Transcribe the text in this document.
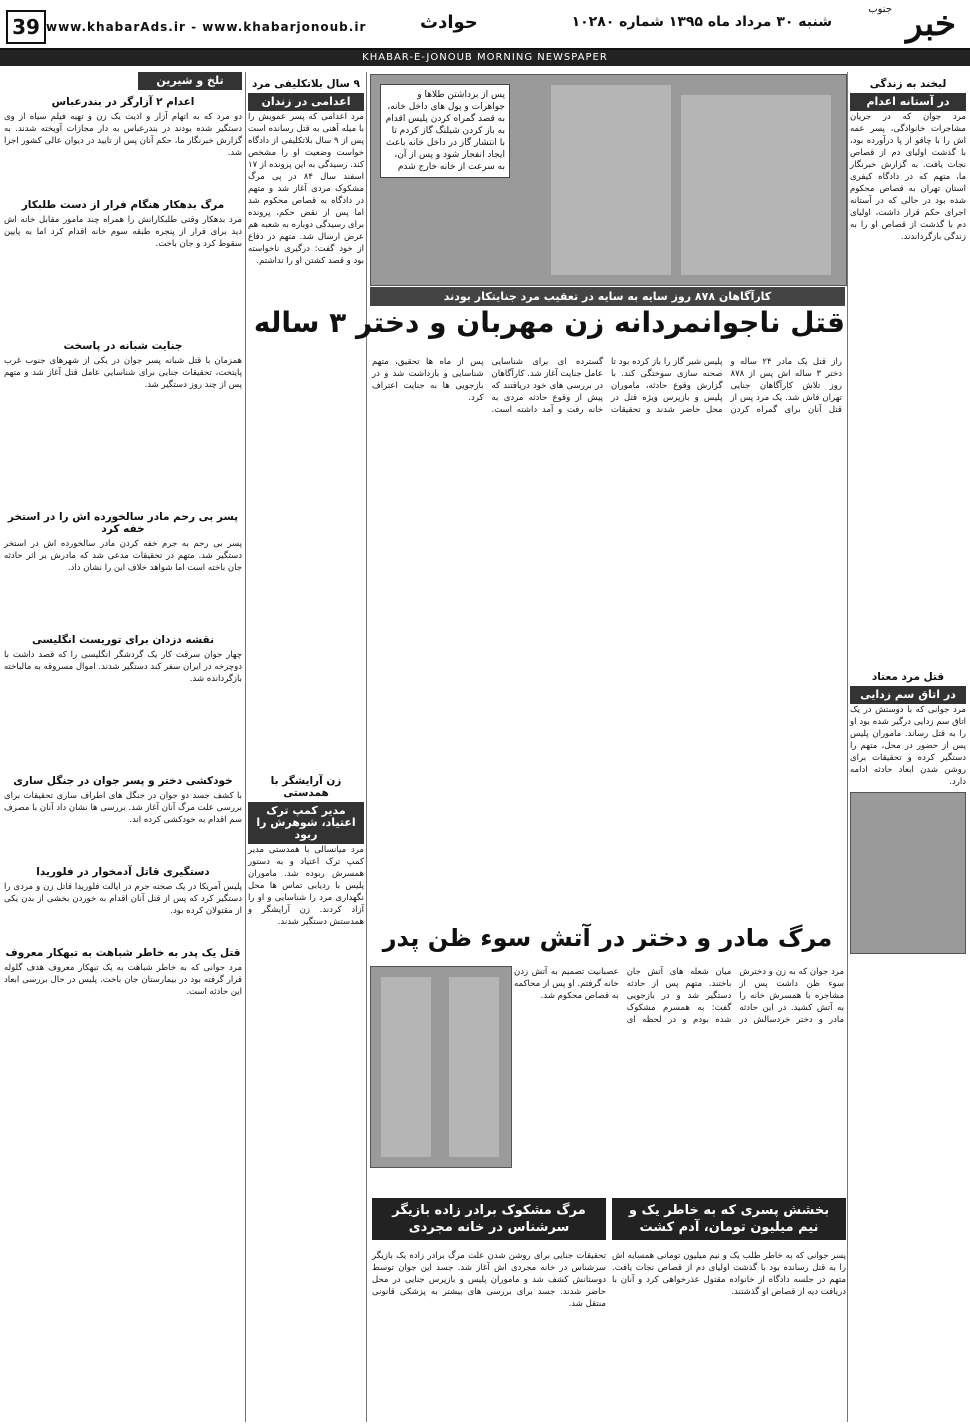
خبر
جنوب
شنبه ۳۰ مرداد ماه ۱۳۹۵ شماره ۱۰۲۸۰
حوادث
www.khabarAds.ir - www.khabarjonoub.ir
39
KHABAR-E-JONOUB MORNING NEWSPAPER
لبخند به زندگی
در آستانه اعدام

مرد جوان که در جریان مشاجرات خانوادگی، پسر عمه اش را با چاقو از پا درآورده بود، با گذشت اولیای دم از قصاص نجات یافت. به گزارش خبرنگار ما، متهم که در دادگاه کیفری استان تهران به قصاص محکوم شده بود در حالی که در آستانه اجرای حکم قرار داشت، اولیای دم با گذشت از قصاص او را به زندگی بازگرداندند.

قتل مرد معتاد
در اتاق سم زدایی

مرد جوانی که با دوستش در یک اتاق سم زدایی درگیر شده بود او را به قتل رساند. ماموران پلیس پس از حضور در محل، متهم را دستگیر کرده و تحقیقات برای روشن شدن ابعاد حادثه ادامه دارد.

پس از برداشتن طلاها و جواهرات و پول های داخل خانه، به قصد گمراه کردن پلیس اقدام به باز کردن شیلنگ گاز کردم تا با انتشار گاز در داخل خانه باعث ایجاد انفجار شود و پس از آن، به سرعت از خانه خارج شدم
کارآگاهان ۸۷۸ روز سایه به سایه در تعقیب مرد جنایتکار بودند
قتل ناجوانمردانه زن مهربان و دختر ۳ ساله

راز قتل یک مادر ۲۴ ساله و دختر ۳ ساله اش پس از ۸۷۸ روز تلاش کارآگاهان جنایی تهران فاش شد. یک مرد پس از قتل آنان برای گمراه کردن پلیس شیر گاز را باز کرده بود تا صحنه سازی سوختگی کند. با گزارش وقوع حادثه، ماموران پلیس و بازپرس ویژه قتل در محل حاضر شدند و تحقیقات گسترده ای برای شناسایی عامل جنایت آغاز شد. کارآگاهان در بررسی های خود دریافتند که پیش از وقوع حادثه مردی به خانه رفت و آمد داشته است. پس از ماه ها تحقیق، متهم شناسایی و بازداشت شد و در بازجویی ها به جنایت اعتراف کرد.

۹ سال بلاتکلیفی مرد
اعدامی در زندان

مرد اعدامی که پسر عمویش را با میله آهنی به قتل رسانده است پس از ۹ سال بلاتکلیفی از دادگاه خواست وضعیت او را مشخص کند. رسیدگی به این پرونده از ۱۷ اسفند سال ۸۴ در پی مرگ مشکوک مردی آغاز شد و متهم در دادگاه به قصاص محکوم شد اما پس از نقض حکم، پرونده برای رسیدگی دوباره به شعبه هم عرض ارسال شد. متهم در دفاع از خود گفت: درگیری ناخواسته بود و قصد کشتن او را نداشتم.

زن آرایشگر با همدستی
مدیر کمپ ترک اعتیاد، شوهرش را ربود

مرد میانسالی با همدستی مدیر کمپ ترک اعتیاد و به دستور همسرش ربوده شد. ماموران پلیس با ردیابی تماس ها محل نگهداری مرد را شناسایی و او را آزاد کردند. زن آرایشگر و همدستش دستگیر شدند.

تلخ و شیرین
اعدام ۲ آزارگر در بندرعباس

دو مرد که به اتهام آزار و اذیت یک زن و تهیه فیلم سیاه از وی دستگیر شده بودند در بندرعباس به دار مجازات آویخته شدند. به گزارش خبرنگار ما، حکم آنان پس از تایید در دیوان عالی کشور اجرا شد.

مرگ بدهکار هنگام فرار از دست طلبکار

مرد بدهکار وقتی طلبکارانش را همراه چند مامور مقابل خانه اش دید برای فرار از پنجره طبقه سوم خانه اقدام کرد اما به پایین سقوط کرد و جان باخت.

جنایت شبانه در پاسخت

همزمان با قتل شبانه پسر جوان در یکی از شهرهای جنوب غرب پایتخت، تحقیقات جنایی برای شناسایی عامل قتل آغاز شد و متهم پس از چند روز دستگیر شد.

پسر بی رحم مادر سالخورده اش را در استخر خفه کرد

پسر بی رحم به جرم خفه کردن مادر سالخورده اش در استخر دستگیر شد. متهم در تحقیقات مدعی شد که مادرش بر اثر حادثه جان باخته است اما شواهد خلاف این را نشان داد.

نقشه دزدان برای توریست انگلیسی

چهار جوان سرقت کار یک گردشگر انگلیسی را که قصد داشت با دوچرخه در ایران سفر کند دستگیر شدند. اموال مسروقه به مالباخته بازگردانده شد.

خودکشی دختر و پسر جوان در جنگل ساری

با کشف جسد دو جوان در جنگل های اطراف ساری تحقیقات برای بررسی علت مرگ آنان آغاز شد. بررسی ها نشان داد آنان با مصرف سم اقدام به خودکشی کرده اند.

دستگیری قاتل آدمخوار در فلوریدا

پلیس آمریکا در یک صحنه جرم در ایالت فلوریدا قاتل زن و مردی را دستگیر کرد که پس از قتل آنان اقدام به خوردن بخشی از بدن یکی از مقتولان کرده بود.

قتل یک پدر به خاطر شباهت به تبهکار معروف

مرد جوانی که به خاطر شباهت به یک تبهکار معروف هدف گلوله قرار گرفته بود در بیمارستان جان باخت. پلیس در حال بررسی ابعاد این حادثه است.

مرگ مادر و دختر در آتش سوء ظن پدر

مرد جوان که به زن و دخترش سوء ظن داشت پس از مشاجره با همسرش خانه را به آتش کشید. در این حادثه مادر و دختر خردسالش در میان شعله های آتش جان باختند. متهم پس از حادثه دستگیر شد و در بازجویی گفت: به همسرم مشکوک شده بودم و در لحظه ای عصبانیت تصمیم به آتش زدن خانه گرفتم. او پس از محاکمه به قصاص محکوم شد.

بخشش پسری که به خاطر یک و نیم میلیون تومان، آدم کشت

پسر جوانی که به خاطر طلب یک و نیم میلیون تومانی همسایه اش را به قتل رسانده بود با گذشت اولیای دم از قصاص نجات یافت. متهم در جلسه دادگاه از خانواده مقتول عذرخواهی کرد و آنان با دریافت دیه از قصاص او گذشتند.

مرگ مشکوک برادر زاده بازیگر سرشناس در خانه مجردی

تحقیقات جنایی برای روشن شدن علت مرگ برادر زاده یک بازیگر سرشناس در خانه مجردی اش آغاز شد. جسد این جوان توسط دوستانش کشف شد و ماموران پلیس و بازپرس جنایی در محل حاضر شدند. جسد برای بررسی های بیشتر به پزشکی قانونی منتقل شد.
